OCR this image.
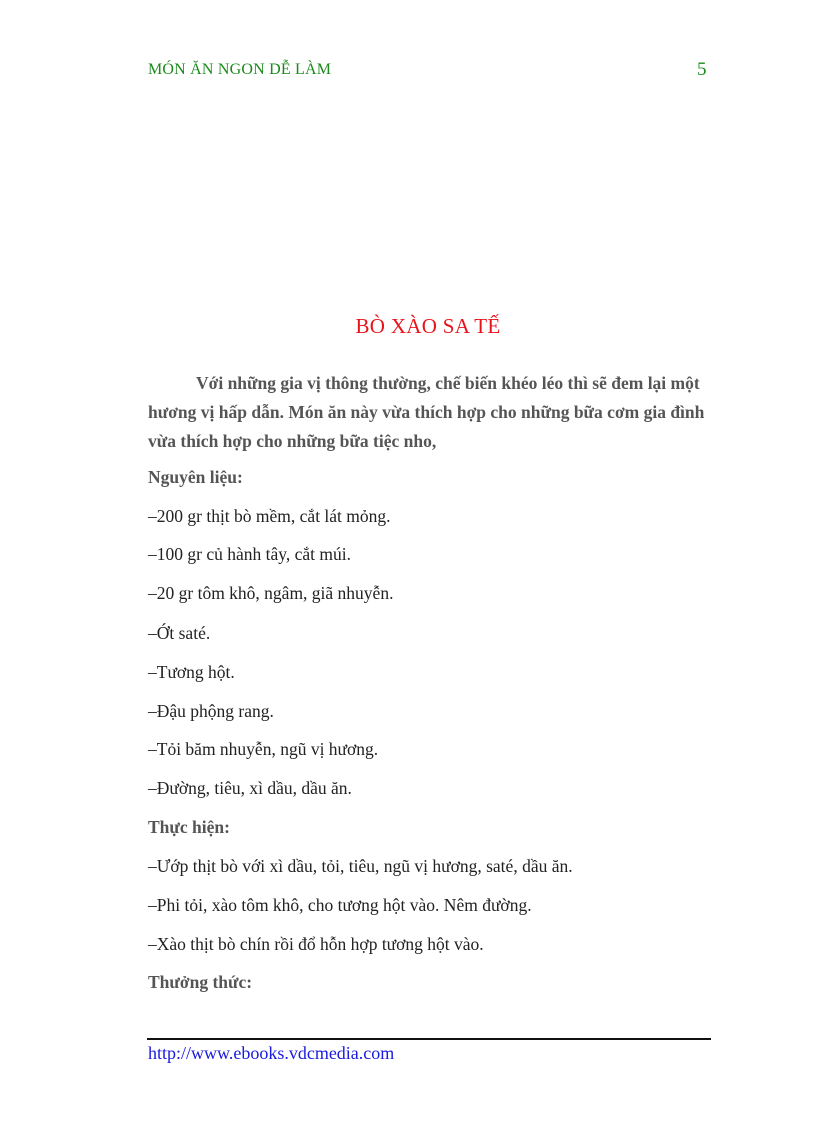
MÓN ĂN NGON DỄ LÀM	5
BÒ XÀO SA TẾ

Với những gia vị thông thường, chế biến khéo léo thì sẽ đem lại một hương vị hấp dẫn. Món ăn này vừa thích hợp cho những bữa cơm gia đình vừa thích hợp cho những bữa tiệc nho,

Nguyên liệu:

–200 gr thịt bò mềm, cắt lát mỏng.

–100 gr củ hành tây, cắt múi.

–20 gr tôm khô, ngâm, giã nhuyễn.

–Ớt saté.

–Tương hột.

–Đậu phộng rang.

–Tỏi băm nhuyễn, ngũ vị hương.

–Đường, tiêu, xì dầu, dầu ăn.

Thực hiện:

–Ướp thịt bò với xì dầu, tỏi, tiêu, ngũ vị hương, saté, dầu ăn.

–Phi tỏi, xào tôm khô, cho tương hột vào. Nêm đường.

–Xào thịt bò chín rồi đổ hỗn hợp tương hột vào.

Thưởng thức:

http://www.ebooks.vdcmedia.com
